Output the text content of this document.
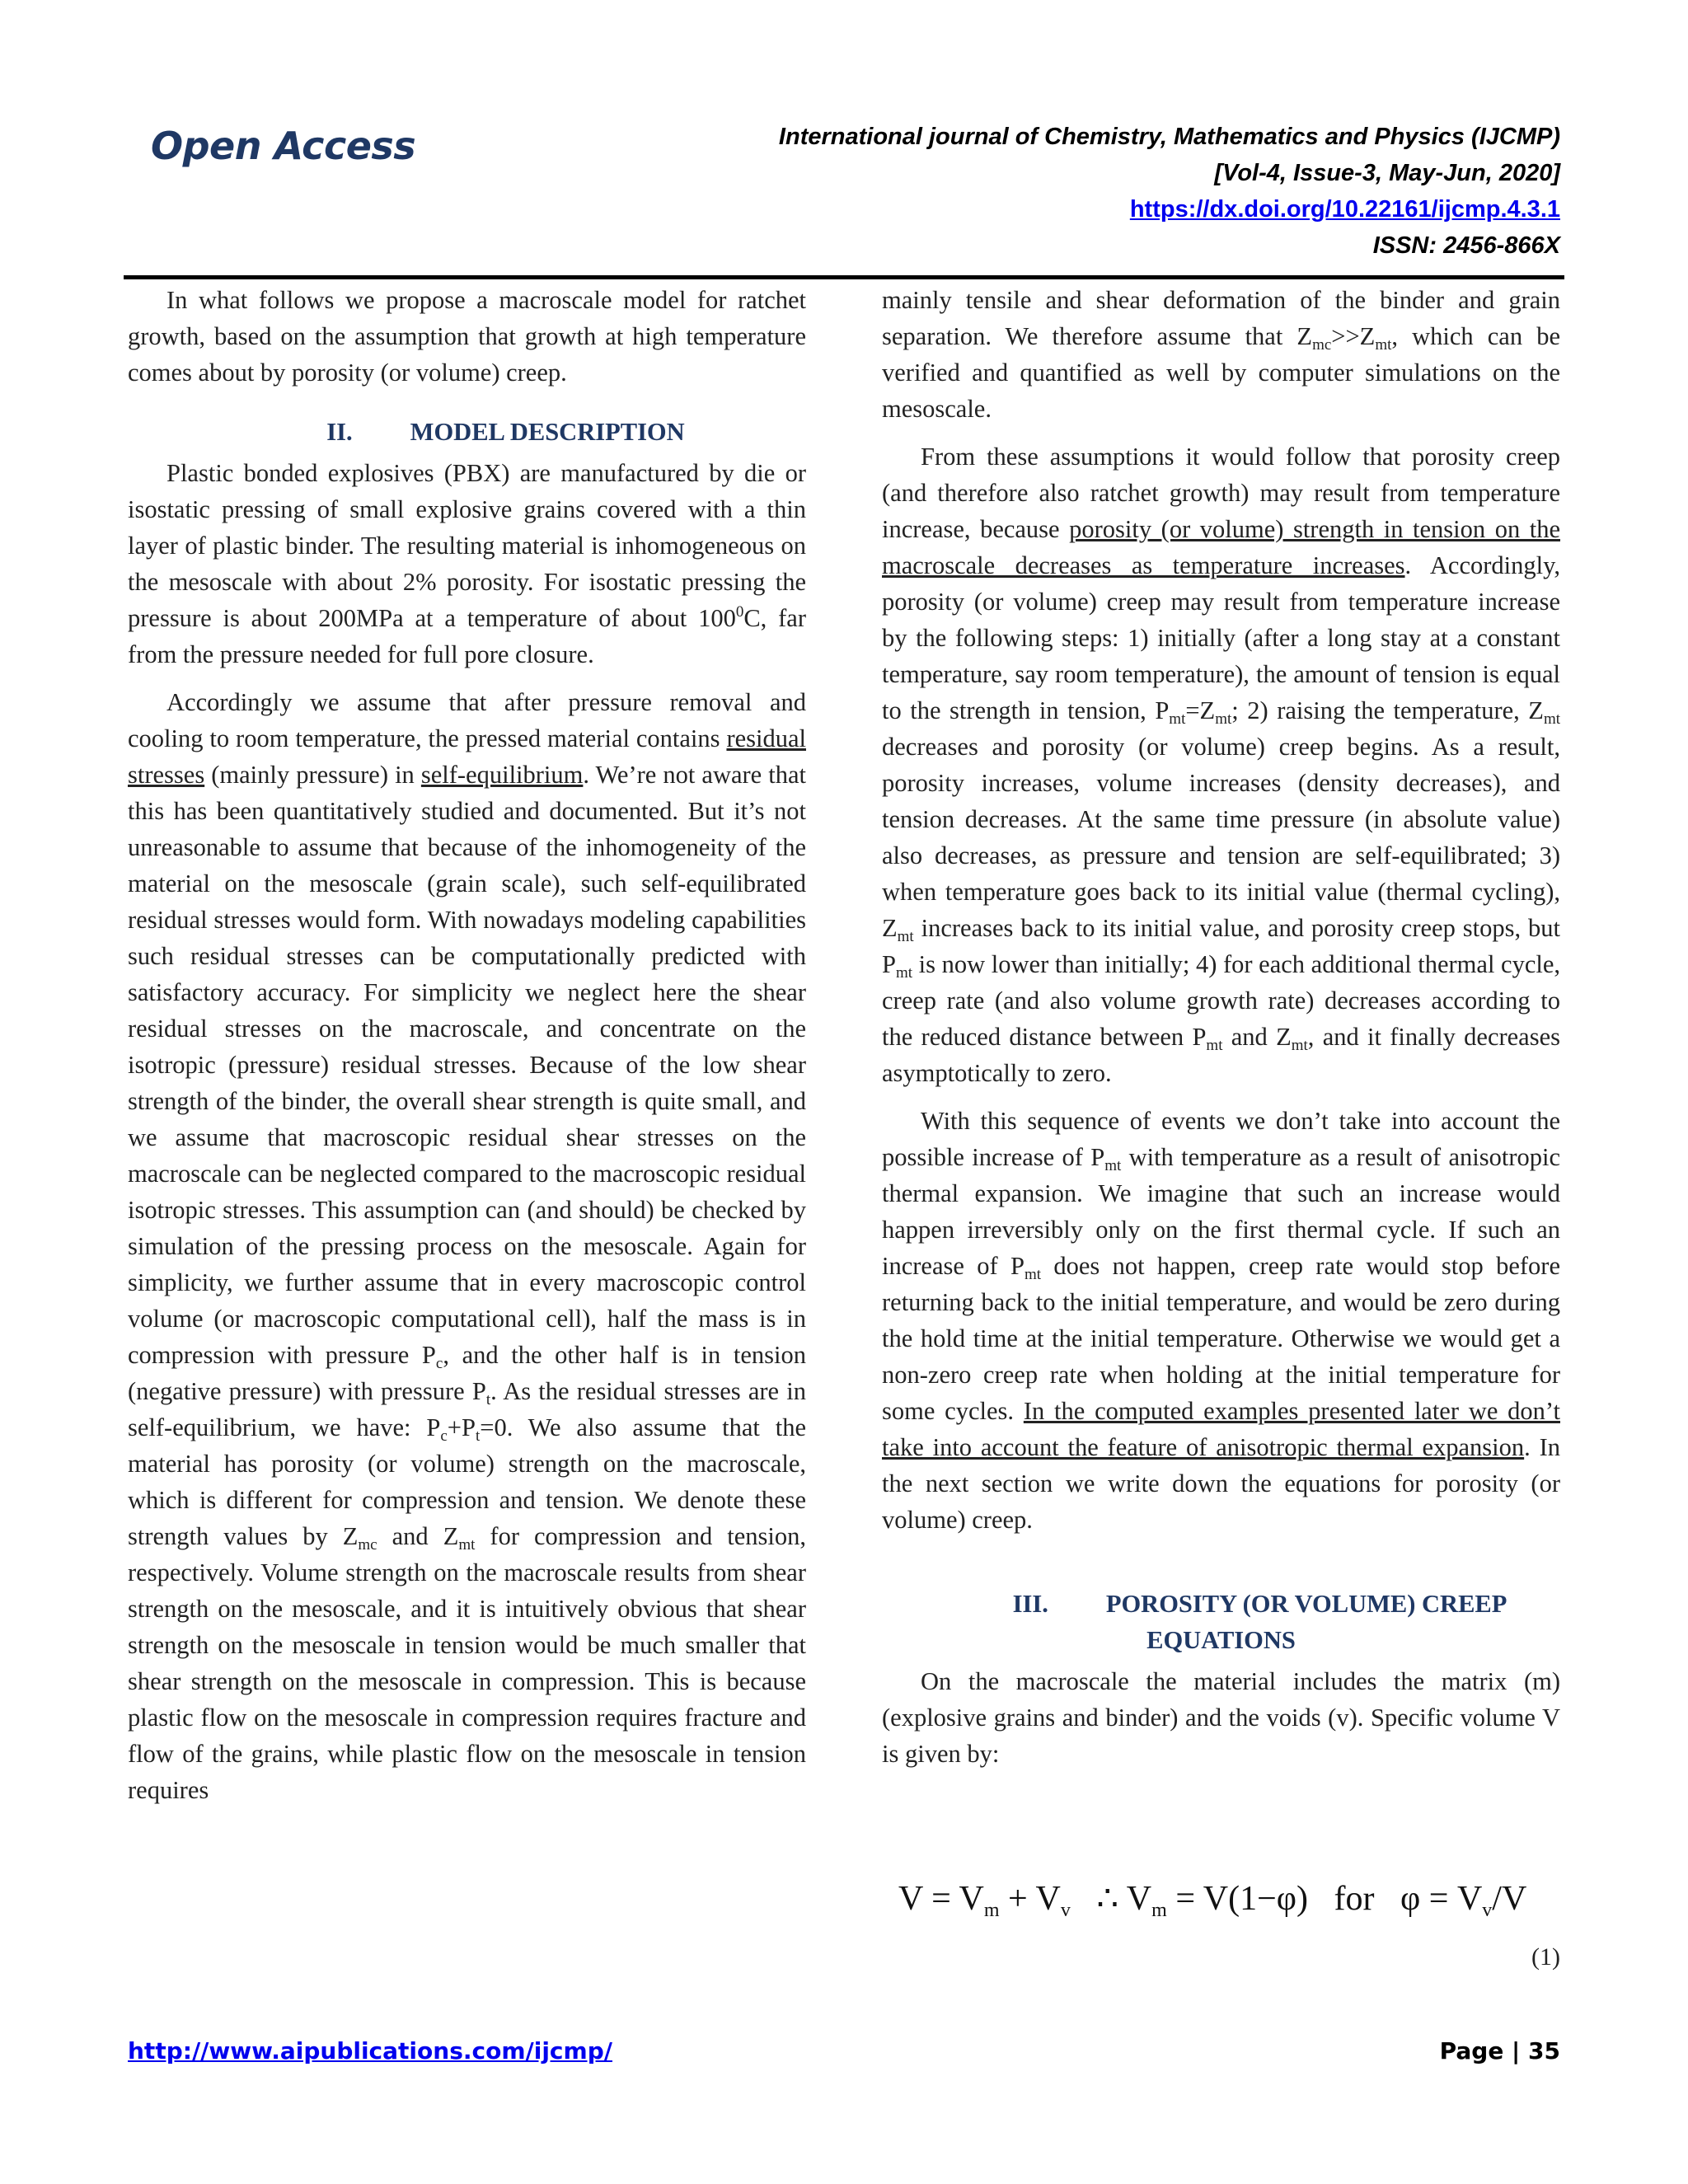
Open Access	International journal of Chemistry, Mathematics and Physics (IJCMP)
[Vol-4, Issue-3, May-Jun, 2020]
https://dx.doi.org/10.22161/ijcmp.4.3.1
ISSN: 2456-866X

In what follows we propose a macroscale model for ratchet growth, based on the assumption that growth at high temperature comes about by porosity (or volume) creep.

II. MODEL DESCRIPTION

Plastic bonded explosives (PBX) are manufactured by die or isostatic pressing of small explosive grains covered with a thin layer of plastic binder. The resulting material is inhomogeneous on the mesoscale with about 2% porosity. For isostatic pressing the pressure is about 200MPa at a temperature of about $100^0C$, far from the pressure needed for full pore closure.

Accordingly we assume that after pressure removal and cooling to room temperature, the pressed material contains residual stresses (mainly pressure) in self-equilibrium. We’re not aware that this has been quantitatively studied and documented. But it’s not unreasonable to assume that because of the inhomogeneity of the material on the mesoscale (grain scale), such self-equilibrated residual stresses would form. With nowadays modeling capabilities such residual stresses can be computationally predicted with satisfactory accuracy. For simplicity we neglect here the shear residual stresses on the macroscale, and concentrate on the isotropic (pressure) residual stresses. Because of the low shear strength of the binder, the overall shear strength is quite small, and we assume that macroscopic residual shear stresses on the macroscale can be neglected compared to the macroscopic residual isotropic stresses. This assumption can (and should) be checked by simulation of the pressing process on the mesoscale. Again for simplicity, we further assume that in every macroscopic control volume (or macroscopic computational cell), half the mass is in compression with pressure $P_c$, and the other half is in tension (negative pressure) with pressure $P_t$. As the residual stresses are in self-equilibrium, we have: $P_c+P_t=0$. We also assume that the material has porosity (or volume) strength on the macroscale, which is different for compression and tension. We denote these strength values by $Z_{mc}$ and $Z_{mt}$ for compression and tension, respectively. Volume strength on the macroscale results from shear strength on the mesoscale, and it is intuitively obvious that shear strength on the mesoscale in tension would be much smaller that shear strength on the mesoscale in compression. This is because plastic flow on the mesoscale in compression requires fracture and flow of the grains, while plastic flow on the mesoscale in tension requires

mainly tensile and shear deformation of the binder and grain separation. We therefore assume that $Z_{mc}>>Z_{mt}$, which can be verified and quantified as well by computer simulations on the mesoscale.

From these assumptions it would follow that porosity creep (and therefore also ratchet growth) may result from temperature increase, because porosity (or volume) strength in tension on the macroscale decreases as temperature increases. Accordingly, porosity (or volume) creep may result from temperature increase by the following steps: 1) initially (after a long stay at a constant temperature, say room temperature), the amount of tension is equal to the strength in tension, $P_{mt}=Z_{mt}$; 2) raising the temperature, $Z_{mt}$ decreases and porosity (or volume) creep begins. As a result, porosity increases, volume increases (density decreases), and tension decreases. At the same time pressure (in absolute value) also decreases, as pressure and tension are self-equilibrated; 3) when temperature goes back to its initial value (thermal cycling), $Z_{mt}$ increases back to its initial value, and porosity creep stops, but $P_{mt}$ is now lower than initially; 4) for each additional thermal cycle, creep rate (and also volume growth rate) decreases according to the reduced distance between $P_{mt}$ and $Z_{mt}$, and it finally decreases asymptotically to zero.

With this sequence of events we don’t take into account the possible increase of $P_{mt}$ with temperature as a result of anisotropic thermal expansion. We imagine that such an increase would happen irreversibly only on the first thermal cycle. If such an increase of $P_{mt}$ does not happen, creep rate would stop before returning back to the initial temperature, and would be zero during the hold time at the initial temperature. Otherwise we would get a non-zero creep rate when holding at the initial temperature for some cycles. In the computed examples presented later we don’t take into account the feature of anisotropic thermal expansion. In the next section we write down the equations for porosity (or volume) creep.

III. POROSITY (OR VOLUME) CREEP
EQUATIONS

On the macroscale the material includes the matrix (m) (explosive grains and binder) and the voids (v). Specific volume V is given by:

V = Vm + Vv ∴ Vm = V(1−φ) for φ = Vv/V
(1)
http://www.aipublications.com/ijcmp/	Page | 35
